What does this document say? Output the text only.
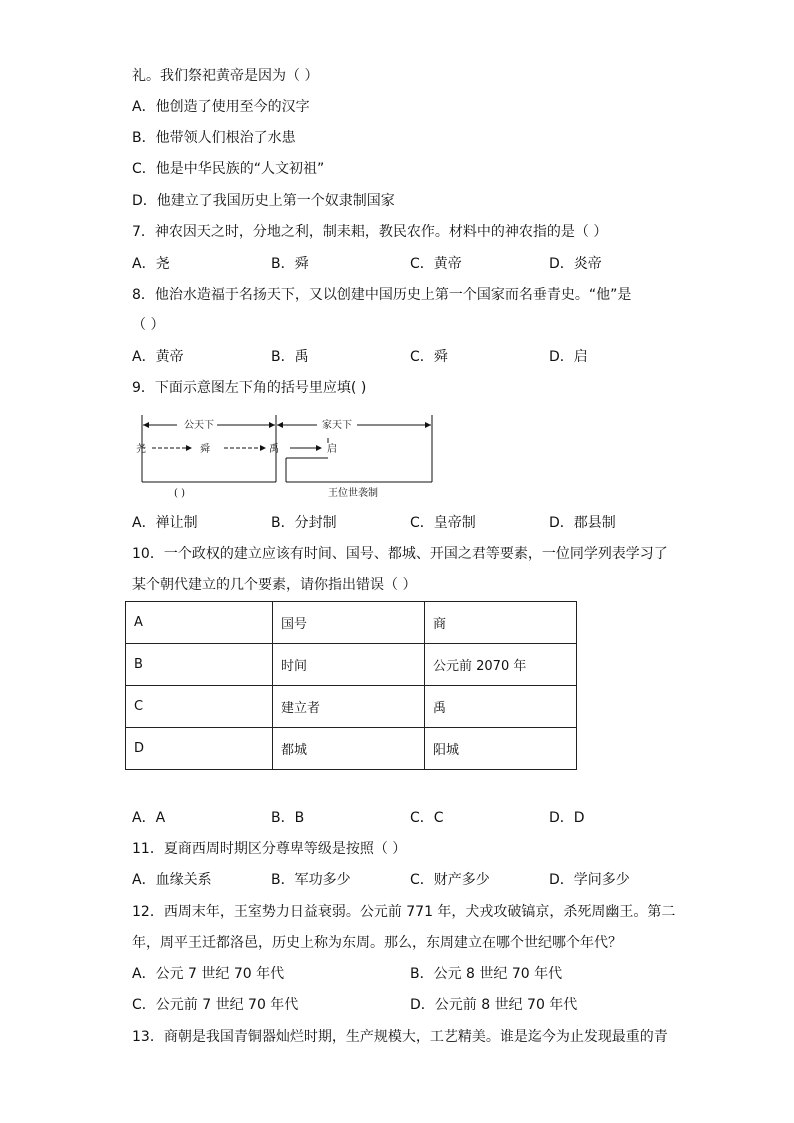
礼。我们祭祀黄帝是因为（ ）
A．他创造了使用至今的汉字
B．他带领人们根治了水患
C．他是中华民族的“人文初祖”
D．他建立了我国历史上第一个奴隶制国家
7．神农因天之时，分地之利，制耒耜，教民农作。材料中的神农指的是（ ）
A．尧	B．舜	C．黄帝	D．炎帝
8．他治水造福于名扬天下，又以创建中国历史上第一个国家而名垂青史。“他”是
（ ）
A．黄帝	B．禹	C．舜	D．启
9．下面示意图左下角的括号里应填( )
公天下	家天下
尧	舜	禹	启
( )	王位世袭制
A．禅让制	B．分封制	C．皇帝制	D．郡县制
10．一个政权的建立应该有时间、国号、都城、开国之君等要素，一位同学列表学习了
某个朝代建立的几个要素，请你指出错误（ ）
A	国号	商
B	时间	公元前 2070 年
C	建立者	禹
D	都城	阳城
A．A	B．B	C．C	D．D
11．夏商西周时期区分尊卑等级是按照（ ）
A．血缘关系	B．军功多少	C．财产多少	D．学问多少
12．西周末年，王室势力日益衰弱。公元前 771 年，犬戎攻破镐京，杀死周幽王。第二
年，周平王迁都洛邑，历史上称为东周。那么，东周建立在哪个世纪哪个年代？
A．公元 7 世纪 70 年代	B．公元 8 世纪 70 年代
C．公元前 7 世纪 70 年代	D．公元前 8 世纪 70 年代
13．商朝是我国青铜器灿烂时期，生产规模大，工艺精美。谁是迄今为止发现最重的青
